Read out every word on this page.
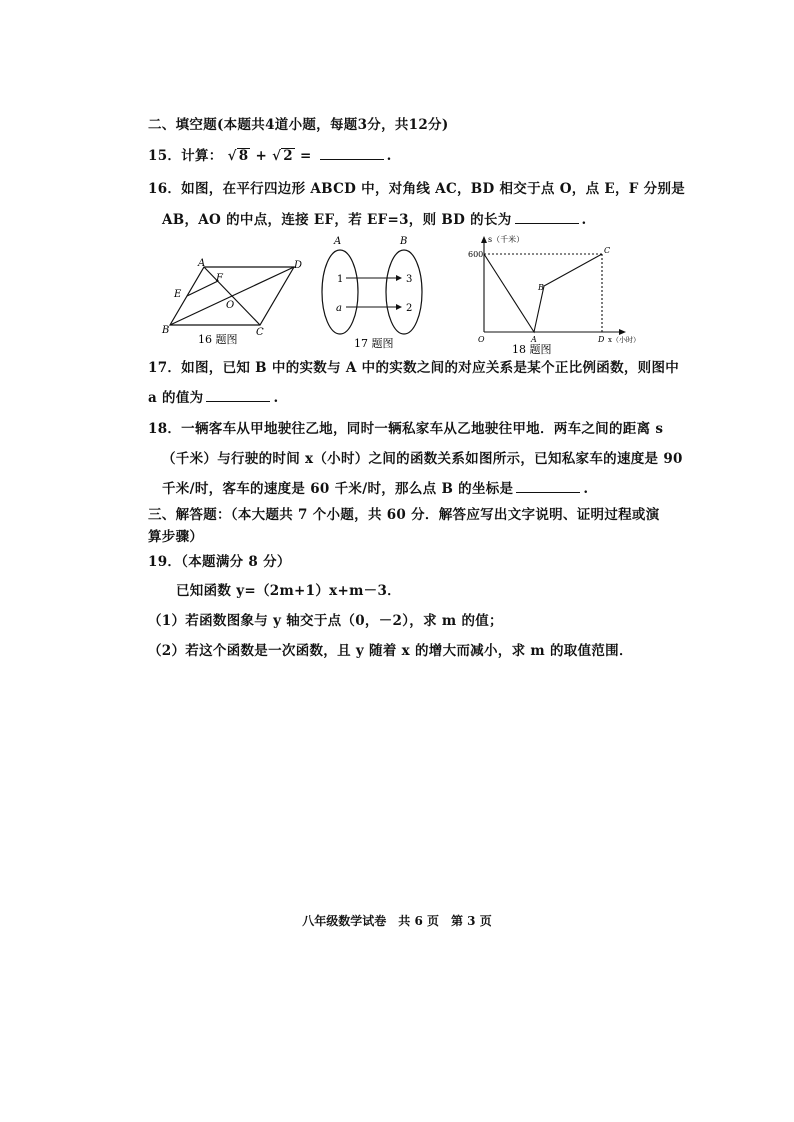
二、填空题(本题共4道小题，每题3分，共12分)
15．计算： √ 8 + √ 2 =	.
16．如图，在平行四边形 ABCD 中，对角线 AC，BD 相交于点 O，点 E，F 分别是
AB，AO 的中点，连接 EF，若 EF=3，则 BD 的长为	.
A
B	C
D
E
F
O
16 题图
A	B
1
a
3
2
17 题图
s（千米）
600
O	A
B
C
D x（小时）
18 题图
17．如图，已知 B 中的实数与 A 中的实数之间的对应关系是某个正比例函数，则图中
a 的值为	.
18．一辆客车从甲地驶往乙地，同时一辆私家车从乙地驶往甲地．两车之间的距离 s
（千米）与行驶的时间 x（小时）之间的函数关系如图所示，已知私家车的速度是 90
千米/时，客车的速度是 60 千米/时，那么点 B 的坐标是	.
三、解答题：（本大题共 7 个小题，共 60 分．解答应写出文字说明、证明过程或演
算步骤）
19．（本题满分 8 分）
已知函数 y=（2m+1）x+m－3．
（1）若函数图象与 y 轴交于点（0，－2），求 m 的值；
（2）若这个函数是一次函数，且 y 随着 x 的增大而减小，求 m 的取值范围．
八年级数学试卷　共 6 页　第 3 页
